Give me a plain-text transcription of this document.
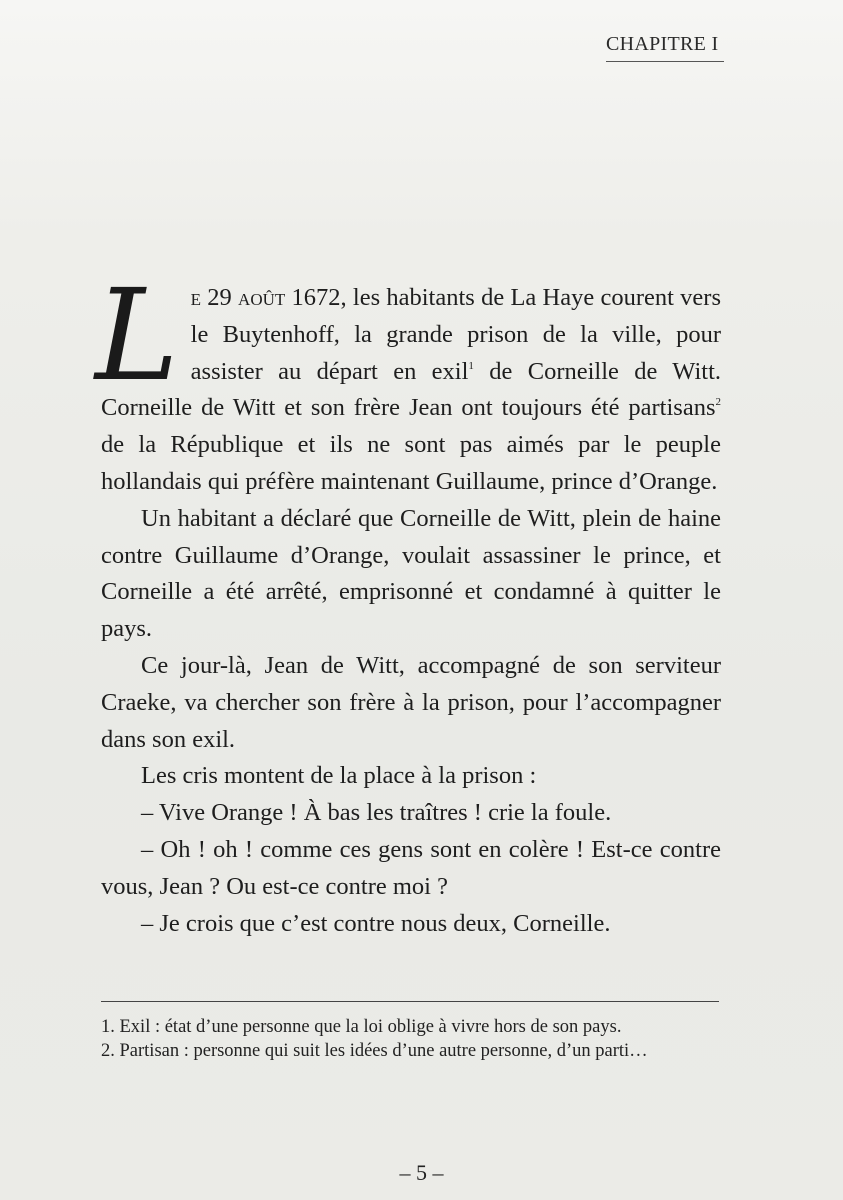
CHAPITRE I

Le 29 août 1672, les habitants de La Haye courent vers le Buytenhoff, la grande prison de la ville, pour assister au départ en exil$^1$ de Corneille de Witt. Corneille de Witt et son frère Jean ont toujours été partisans$^2$ de la République et ils ne sont pas aimés par le peuple hollandais qui préfère maintenant Guillaume, prince d’Orange.

Un habitant a déclaré que Corneille de Witt, plein de haine contre Guillaume d’Orange, voulait assassiner le prince, et Corneille a été arrêté, emprisonné et condamné à quitter le pays.

Ce jour-là, Jean de Witt, accompagné de son serviteur Craeke, va chercher son frère à la prison, pour l’accompagner dans son exil.

Les cris montent de la place à la prison :

– Vive Orange ! À bas les traîtres ! crie la foule.

– Oh ! oh ! comme ces gens sont en colère ! Est-ce contre vous, Jean ? Ou est-ce contre moi ?

– Je crois que c’est contre nous deux, Corneille.

1. Exil : état d’une personne que la loi oblige à vivre hors de son pays.

2. Partisan : personne qui suit les idées d’une autre personne, d’un parti…

– 5 –
